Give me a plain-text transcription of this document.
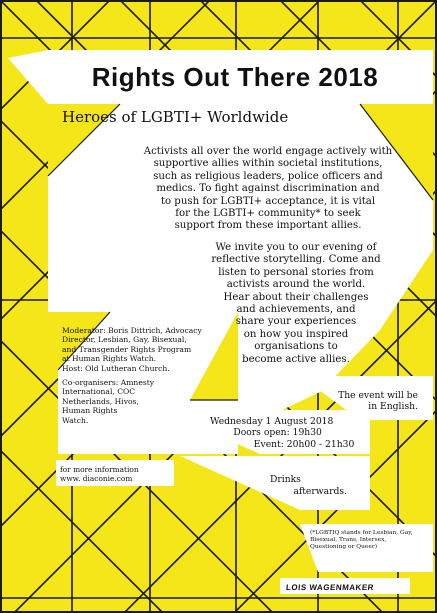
Rights Out There 2018
Heroes of LGBTI+ Worldwide

Activists all over the world engage actively with
supportive allies within societal institutions,
such as religious leaders, police officers and
medics. To fight against discrimination and
to push for LGBTI+ acceptance, it is vital
for the LGBTI+ community* to seek
support from these important allies.

We invite you to our evening of
reflective storytelling. Come and
listen to personal stories from
activists around the world.
Hear about their challenges
and achievements, and
share your experiences
on how you inspired
organisations to
become active allies.

Moderator: Boris Dittrich, Advocacy
Director, Lesbian, Gay, Bisexual,
and Transgender Rights Program
at Human Rights Watch.
Host: Old Lutheran Church.

Co-organisers: Amnesty
International, COC
Netherlands, Hivos,
Human Rights
Watch.

The event will be
in English.

Wednesday 1 August 2018
Doors open: 19h30
Event: 20h00 - 21h30

for more information
www. diaconie.com	Drinks
afterwards.

(*LGBTIQ stands for Lesbian, Gay,
Bisexual, Trans, Intersex,
Questioning or Queer)

LOIS WAGENMAKER
